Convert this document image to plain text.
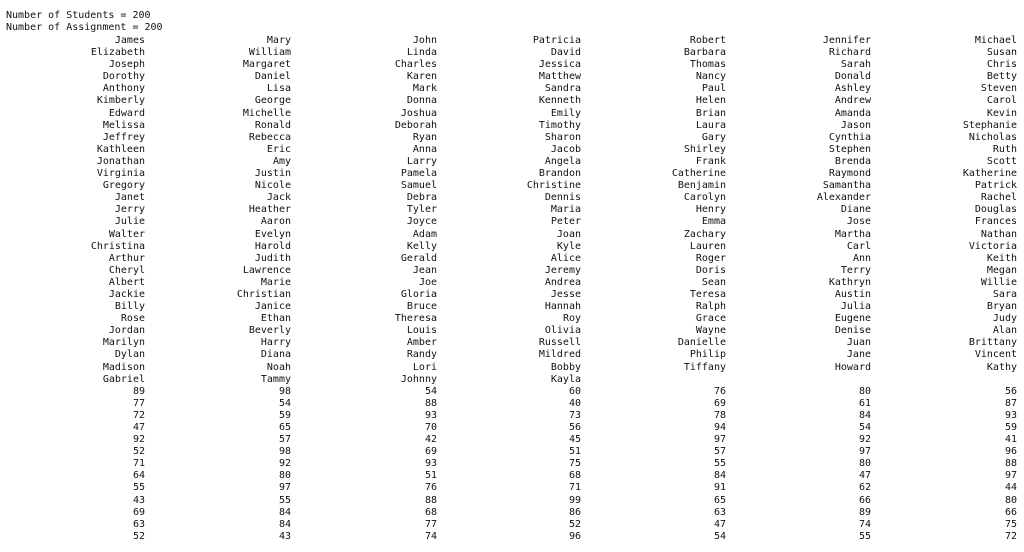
Number of Students = 200
Number of Assignment = 200
James
Elizabeth
Joseph
Dorothy
Anthony
Kimberly
Edward
Melissa
Jeffrey
Kathleen
Jonathan
Virginia
Gregory
Janet
Jerry
Julie
Walter
Christina
Arthur
Cheryl
Albert
Jackie
Billy
Rose
Jordan
Marilyn
Dylan
Madison
Gabriel
89
77
72
47
92
52
71
64
55
43
69
63
52
Mary
William
Margaret
Daniel
Lisa
George
Michelle
Ronald
Rebecca
Eric
Amy
Justin
Nicole
Jack
Heather
Aaron
Evelyn
Harold
Judith
Lawrence
Marie
Christian
Janice
Ethan
Beverly
Harry
Diana
Noah
Tammy
98
54
59
65
57
98
92
80
97
55
84
84
43
John
Linda
Charles
Karen
Mark
Donna
Joshua
Deborah
Ryan
Anna
Larry
Pamela
Samuel
Debra
Tyler
Joyce
Adam
Kelly
Gerald
Jean
Joe
Gloria
Bruce
Theresa
Louis
Amber
Randy
Lori
Johnny
54
88
93
70
42
69
93
51
76
88
68
77
74
Patricia
David
Jessica
Matthew
Sandra
Kenneth
Emily
Timothy
Sharon
Jacob
Angela
Brandon
Christine
Dennis
Maria
Peter
Joan
Kyle
Alice
Jeremy
Andrea
Jesse
Hannah
Roy
Olivia
Russell
Mildred
Bobby
Kayla
60
40
73
56
45
51
75
68
71
99
86
52
96
Robert
Barbara
Thomas
Nancy
Paul
Helen
Brian
Laura
Gary
Shirley
Frank
Catherine
Benjamin
Carolyn
Henry
Emma
Zachary
Lauren
Roger
Doris
Sean
Teresa
Ralph
Grace
Wayne
Danielle
Philip
Tiffany
76
69
78
94
97
57
55
84
91
65
63
47
54
Jennifer
Richard
Sarah
Donald
Ashley
Andrew
Amanda
Jason
Cynthia
Stephen
Brenda
Raymond
Samantha
Alexander
Diane
Jose
Martha
Carl
Ann
Terry
Kathryn
Austin
Julia
Eugene
Denise
Juan
Jane
Howard
80
61
84
54
92
97
80
47
62
66
89
74
55
Michael
Susan
Chris
Betty
Steven
Carol
Kevin
Stephanie
Nicholas
Ruth
Scott
Katherine
Patrick
Rachel
Douglas
Frances
Nathan
Victoria
Keith
Megan
Willie
Sara
Bryan
Judy
Alan
Brittany
Vincent
Kathy
56
87
93
59
41
96
88
97
44
80
66
75
72
